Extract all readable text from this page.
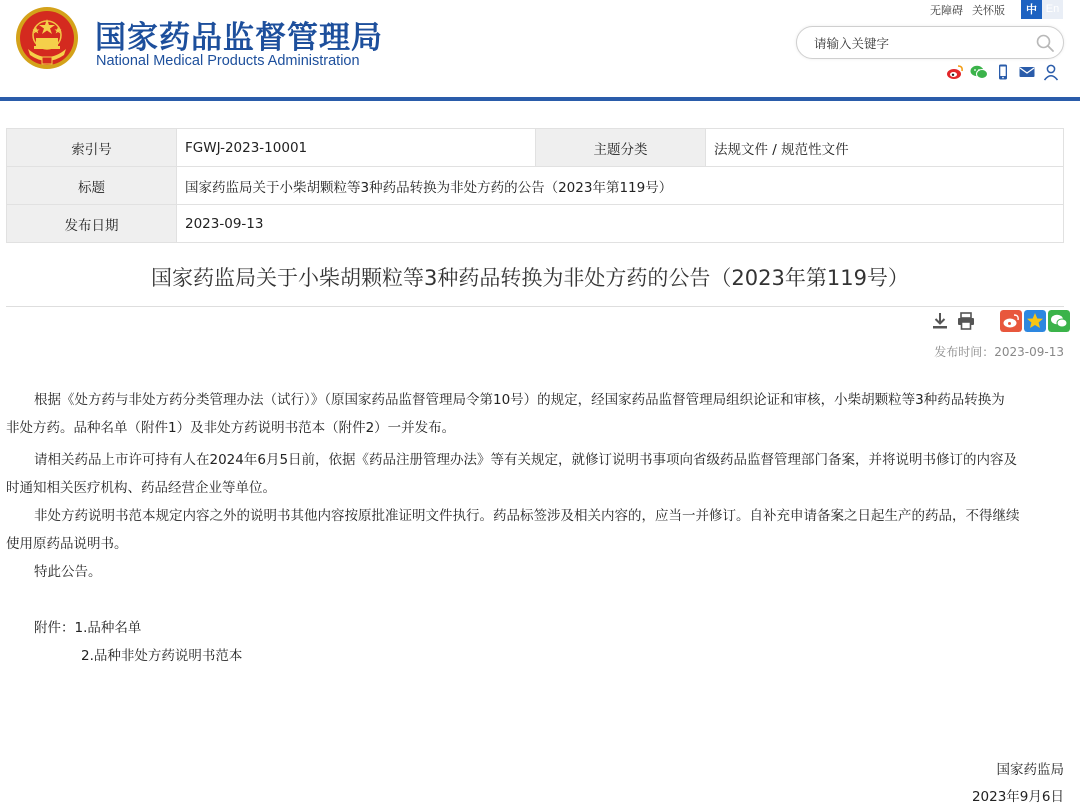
国家药品监督管理局
National Medical Products Administration
无障碍 关怀版	中 En
请输入关键字
索引号	FGWJ-2023-10001	主题分类	法规文件 / 规范性文件
标题	国家药监局关于小柴胡颗粒等3种药品转换为非处方药的公告（2023年第119号）		
发布日期	2023-09-13		
国家药监局关于小柴胡颗粒等3种药品转换为非处方药的公告（2023年第119号）
发布时间：2023-09-13
根据《处方药与非处方药分类管理办法（试行）》（原国家药品监督管理局令第10号）的规定，经国家药品监督管理局组织论证和审核，小柴胡颗粒等3种药品转换为
非处方药。品种名单（附件1）及非处方药说明书范本（附件2）一并发布。
请相关药品上市许可持有人在2024年6月5日前，依据《药品注册管理办法》等有关规定，就修订说明书事项向省级药品监督管理部门备案，并将说明书修订的内容及
时通知相关医疗机构、药品经营企业等单位。
非处方药说明书范本规定内容之外的说明书其他内容按原批准证明文件执行。药品标签涉及相关内容的，应当一并修订。自补充申请备案之日起生产的药品，不得继续
使用原药品说明书。
特此公告。
附件：1.品种名单
2.品种非处方药说明书范本
国家药监局
2023年9月6日
